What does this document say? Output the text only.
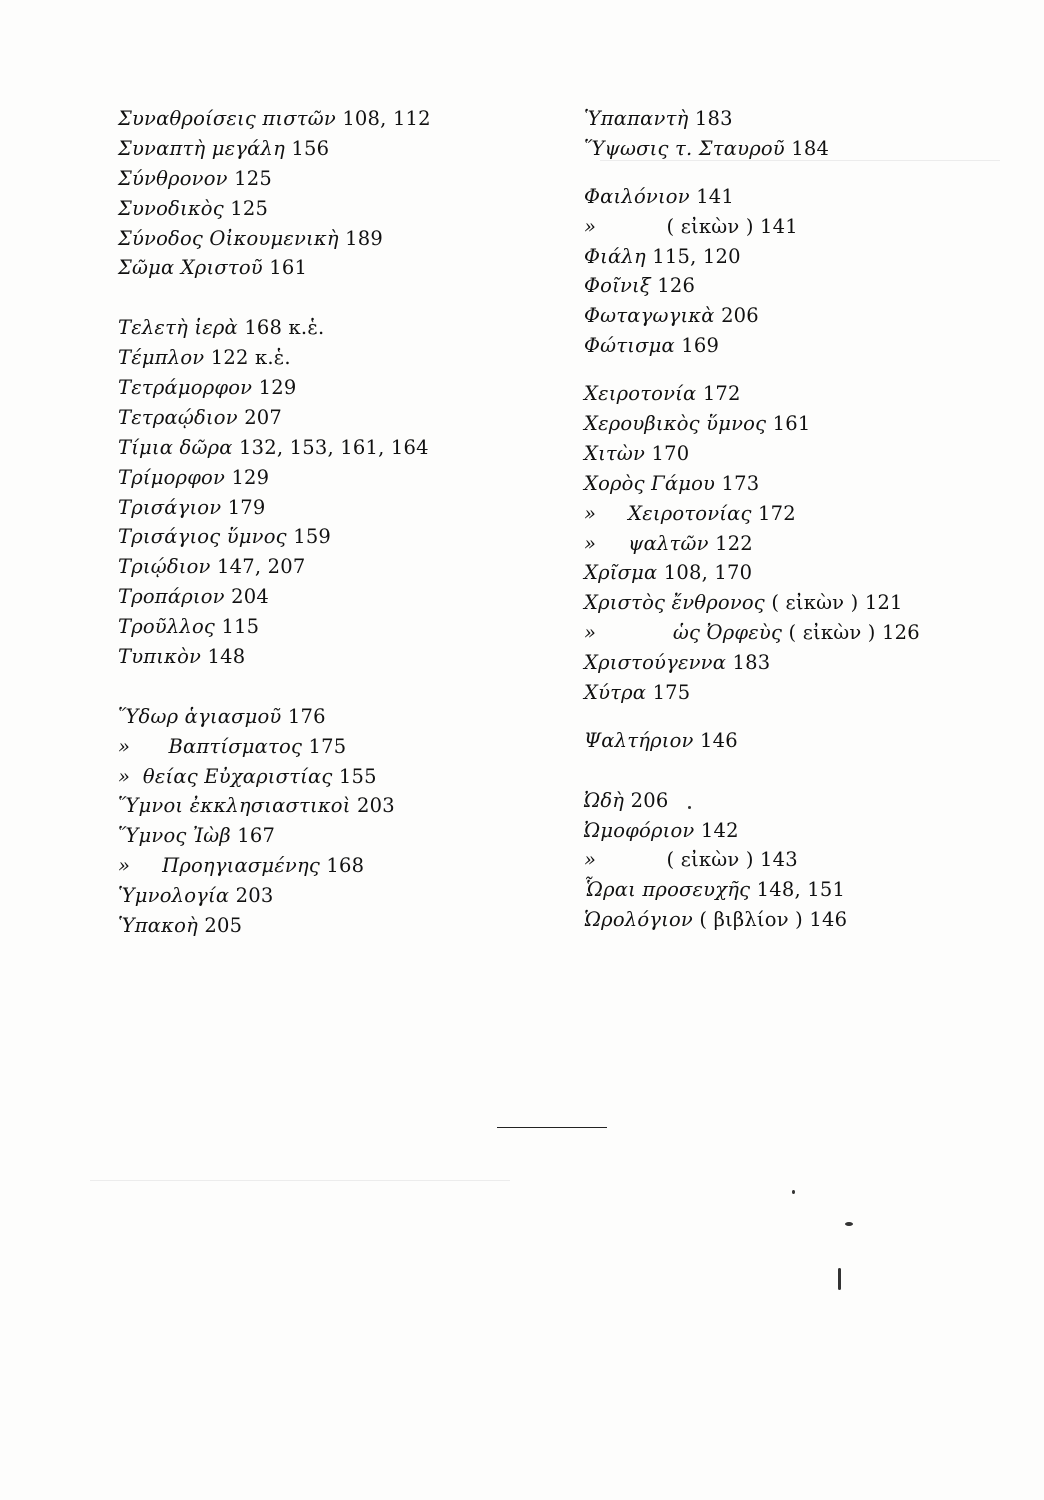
Συναθροίσεις πιστῶν 108, 112
Συναπτὴ μεγάλη 156
Σύνθρονον 125
Συνοδικὸς 125
Σύνοδος Οἰκουμενικὴ 189
Σῶμα Χριστοῦ 161
Τελετὴ ἱερὰ 168 κ.ἑ.
Τέμπλον 122 κ.ἑ.
Τετράμορφον 129
Τετραῴδιον 207
Τίμια δῶρα 132, 153, 161, 164
Τρίμορφον 129
Τρισάγιον 179
Τρισάγιος ὕμνος 159
Τριῴδιον 147, 207
Τροπάριον 204
Τροῦλλος 115
Τυπικὸν 148
Ὕδωρ ἁγιασμοῦ 176
»      Βαπτίσματος 175
»  θείας Εὐχαριστίας 155
Ὕμνοι ἐκκλησιαστικοὶ 203
Ὕμνος Ἰὼβ 167
»     Προηγιασμένης 168
Ὑμνολογία 203
Ὑπακοὴ 205
Ὑπαπαντὴ 183
Ὕψωσις τ. Σταυροῦ 184
Φαιλόνιον 141
»           ( εἰκὼν ) 141
Φιάλη 115, 120
Φοῖνιξ 126
Φωταγωγικὰ 206
Φώτισμα 169
Χειροτονία 172
Χερουβικὸς ὕμνος 161
Χιτὼν 170
Χορὸς Γάμου 173
»     Χειροτονίας 172
»     ψαλτῶν 122
Χρῖσμα 108, 170
Χριστὸς ἔνθρονος ( εἰκὼν ) 121
»            ὡς Ὀρφεὺς ( εἰκὼν ) 126
Χριστούγεννα 183
Χύτρα 175
Ψαλτήριον 146
Ὠδὴ 206
Ὠμοφόριον 142
»           ( εἰκὼν ) 143
Ὧραι προσευχῆς 148, 151
Ὡρολόγιον ( βιβλίον ) 146
